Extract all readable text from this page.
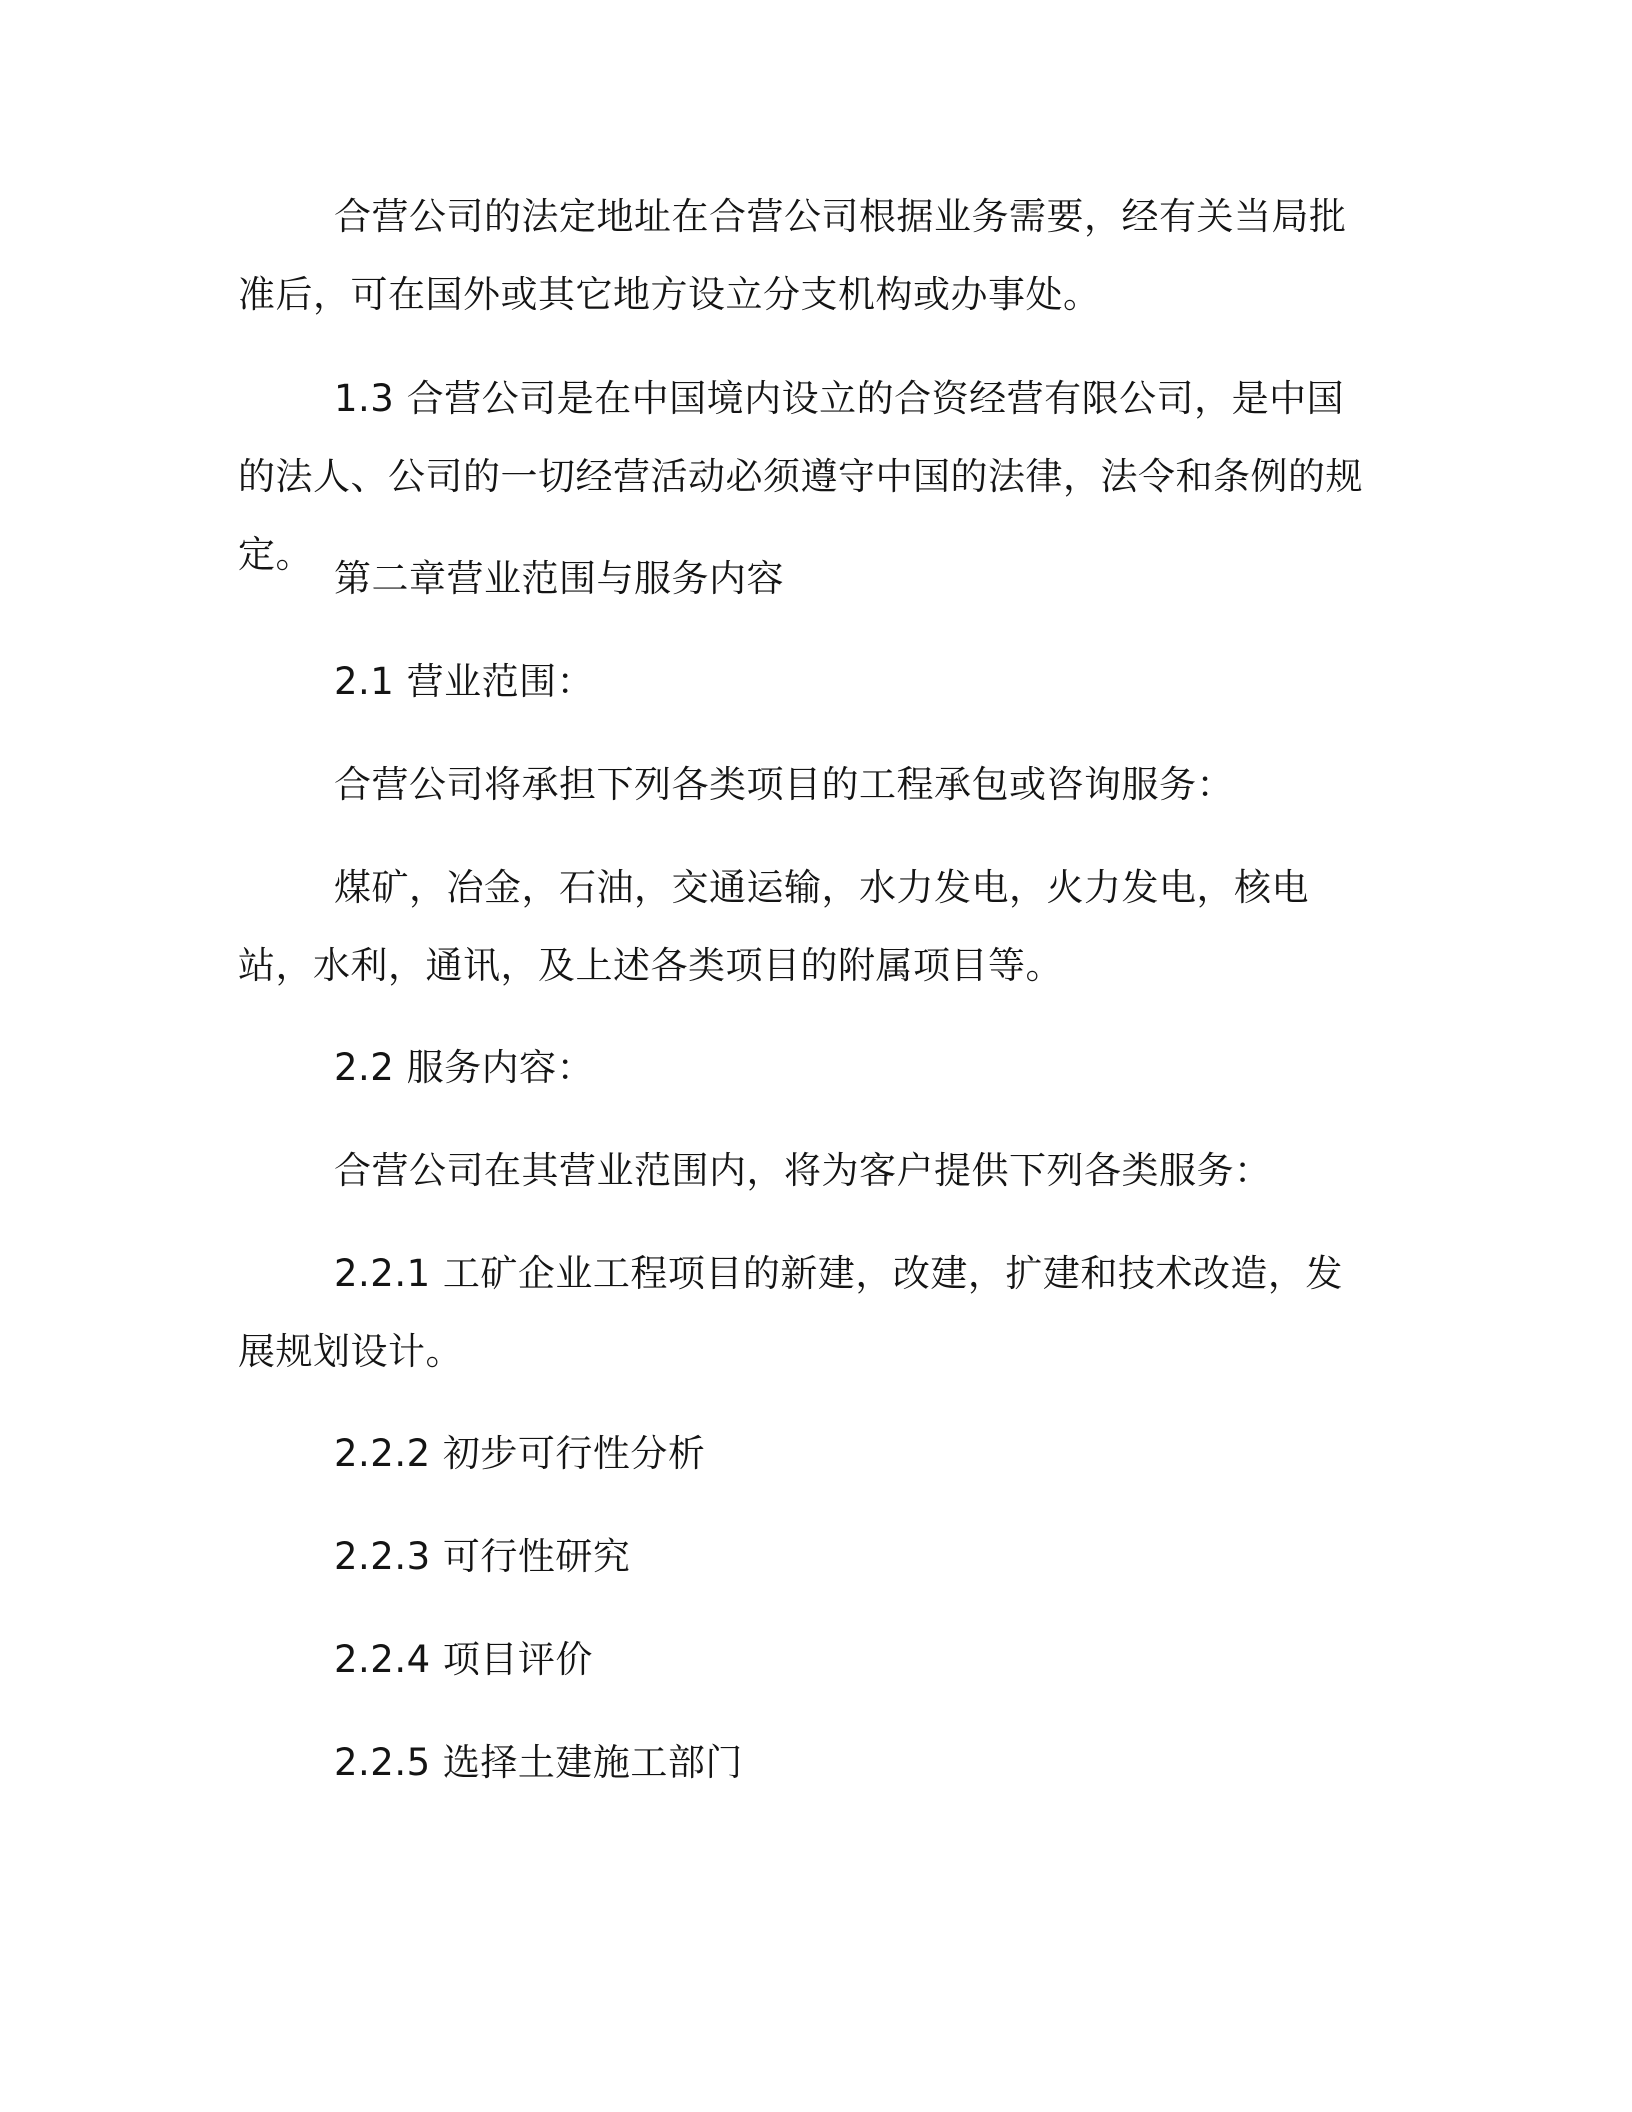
合营公司的法定地址在合营公司根据业务需要，经有关当局批准后，可在国外或其它地方设立分支机构或办事处。

1.3 合营公司是在中国境内设立的合资经营有限公司，是中国的法人、公司的一切经营活动必须遵守中国的法律，法令和条例的规定。

第二章营业范围与服务内容

2.1 营业范围：

合营公司将承担下列各类项目的工程承包或咨询服务：

煤矿，冶金，石油，交通运输，水力发电，火力发电，核电站，水利，通讯，及上述各类项目的附属项目等。

2.2 服务内容：

合营公司在其营业范围内，将为客户提供下列各类服务：

2.2.1 工矿企业工程项目的新建，改建，扩建和技术改造，发展规划设计。

2.2.2 初步可行性分析

2.2.3 可行性研究

2.2.4 项目评价

2.2.5 选择土建施工部门
